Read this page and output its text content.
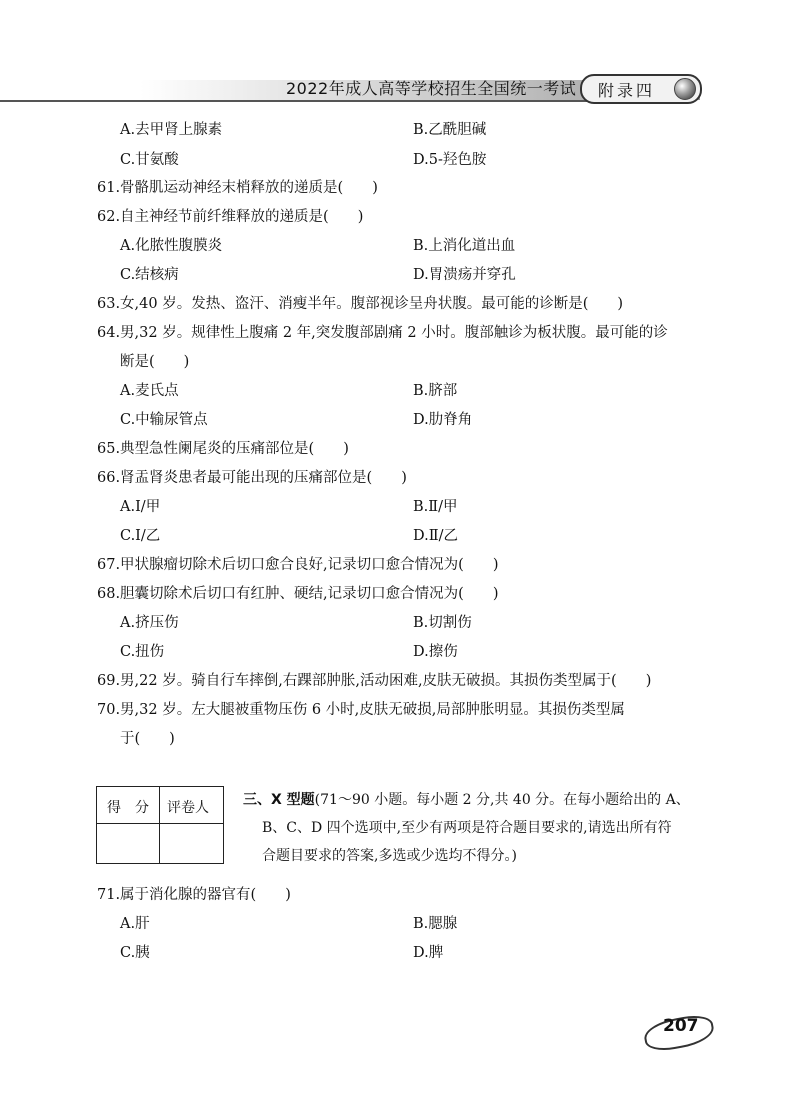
2022年成人高等学校招生全国统一考试 附录四
A.去甲肾上腺素	B.乙酰胆碱
C.甘氨酸	D.5-羟色胺
61.骨骼肌运动神经末梢释放的递质是(　　)
62.自主神经节前纤维释放的递质是(　　)
A.化脓性腹膜炎	B.上消化道出血
C.结核病	D.胃溃疡并穿孔
63.女,40 岁。发热、盗汗、消瘦半年。腹部视诊呈舟状腹。最可能的诊断是(　　)
64.男,32 岁。规律性上腹痛 2 年,突发腹部剧痛 2 小时。腹部触诊为板状腹。最可能的诊
断是(　　)
A.麦氏点	B.脐部
C.中输尿管点	D.肋脊角
65.典型急性阑尾炎的压痛部位是(　　)
66.肾盂肾炎患者最可能出现的压痛部位是(　　)
A.Ⅰ/甲	B.Ⅱ/甲
C.Ⅰ/乙	D.Ⅱ/乙
67.甲状腺瘤切除术后切口愈合良好,记录切口愈合情况为(　　)
68.胆囊切除术后切口有红肿、硬结,记录切口愈合情况为(　　)
A.挤压伤	B.切割伤
C.扭伤	D.擦伤
69.男,22 岁。骑自行车摔倒,右踝部肿胀,活动困难,皮肤无破损。其损伤类型属于(　　)
70.男,32 岁。左大腿被重物压伤 6 小时,皮肤无破损,局部肿胀明显。其损伤类型属
于(　　)
得　分 评卷人 三、X 型题(71～90 小题。每小题 2 分,共 40 分。在每小题给出的 A、
B、C、D 四个选项中,至少有两项是符合题目要求的,请选出所有符
合题目要求的答案,多选或少选均不得分。)
71.属于消化腺的器官有(　　)
A.肝	B.腮腺
C.胰	D.脾
207
